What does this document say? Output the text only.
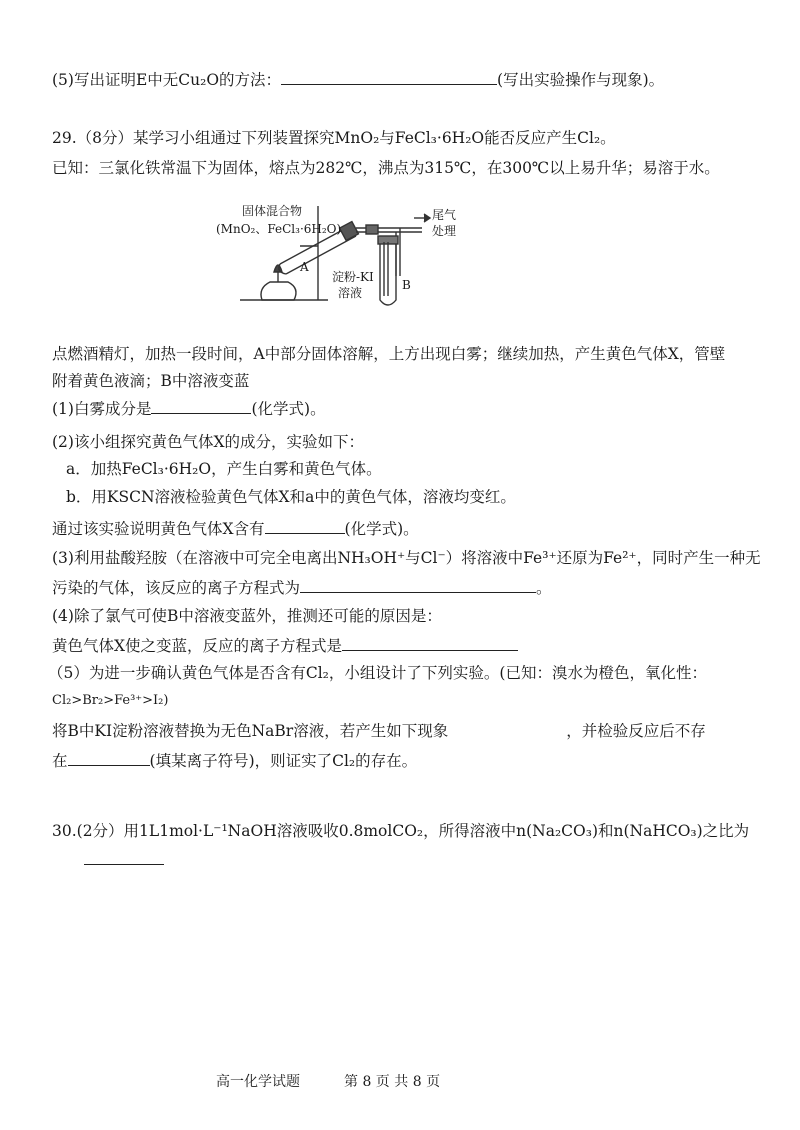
(5)写出证明E中无Cu₂O的方法：	(写出实验操作与现象)。
29.（8分）某学习小组通过下列装置探究MnO₂与FeCl₃·6H₂O能否反应产生Cl₂。
已知：三氯化铁常温下为固体，熔点为282℃，沸点为315℃，在300℃以上易升华；易溶于水。
固体混合物
(MnO₂、FeCl₃·6H₂O)
A
尾气
处理
淀粉-KI
溶液
B
点燃酒精灯，加热一段时间，A中部分固体溶解，上方出现白雾；继续加热，产生黄色气体X，管壁
附着黄色液滴；B中溶液变蓝
(1)白雾成分是	(化学式)。
(2)该小组探究黄色气体X的成分，实验如下：
a．加热FeCl₃·6H₂O，产生白雾和黄色气体。
b．用KSCN溶液检验黄色气体X和a中的黄色气体，溶液均变红。
通过该实验说明黄色气体X含有	(化学式)。
(3)利用盐酸羟胺（在溶液中可完全电离出NH₃OH⁺与Cl⁻）将溶液中Fe³⁺还原为Fe²⁺，同时产生一种无
污染的气体，该反应的离子方程式为	。
(4)除了氯气可使B中溶液变蓝外，推测还可能的原因是：
黄色气体X使之变蓝，反应的离子方程式是
（5）为进一步确认黄色气体是否含有Cl₂，小组设计了下列实验。(已知：溴水为橙色，氧化性：
Cl₂>Br₂>Fe³⁺>I₂)
将B中KI淀粉溶液替换为无色NaBr溶液，若产生如下现象	，并检验反应后不存
在	(填某离子符号)，则证实了Cl₂的存在。
30.(2分）用1L1mol·L⁻¹NaOH溶液吸收0.8molCO₂，所得溶液中n(Na₂CO₃)和n(NaHCO₃)之比为
高一化学试题	第 8 页 共 8 页
